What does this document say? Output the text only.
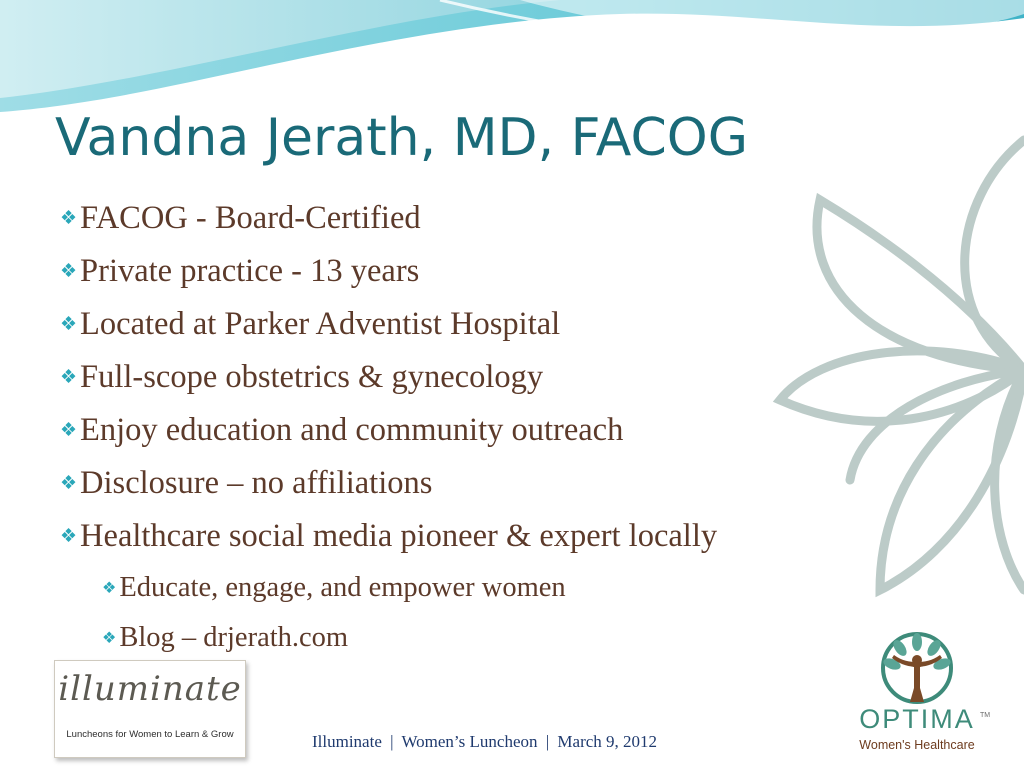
Vandna Jerath, MD, FACOG
❖FACOG - Board-Certified
❖Private practice - 13 years
❖Located at Parker Adventist Hospital
❖Full-scope obstetrics & gynecology
❖Enjoy education and community outreach
❖Disclosure – no affiliations
❖Healthcare social media pioneer & expert locally
❖ Educate, engage, and empower women
❖ Blog – drjerath.com
illuminate
Luncheons for Women to Learn & Grow
OPTIMA TM
Women's Healthcare
Illuminate | Women’s Luncheon | March 9, 2012
